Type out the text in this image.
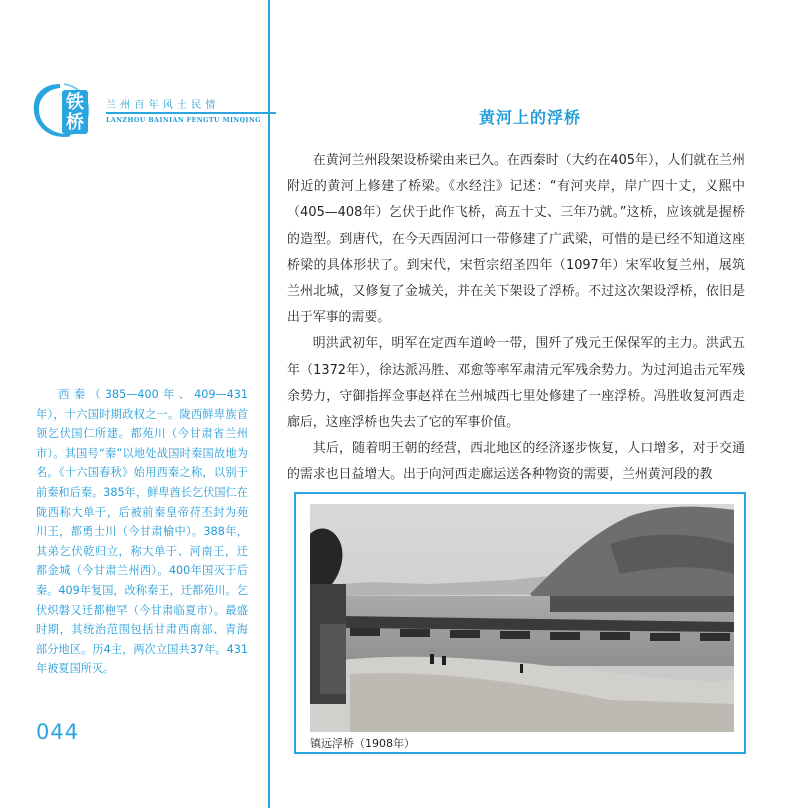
铁
桥
兰州百年风土民情
LANZHOU BAINIAN FENGTU MINQING
西秦（385—400年、409—431年），十六国时期政权之一。陇西鲜卑族首领乞伏国仁所建。都苑川（今甘肃省兰州市）。其国号“秦”以地处战国时秦国故地为名。《十六国春秋》始用西秦之称，以别于前秦和后秦。385年，鲜卑酋长乞伏国仁在陇西称大单于，后被前秦皇帝苻丕封为苑川王，都勇士川（今甘肃榆中）。388年，其弟乞伏乾归立，称大单于、河南王，迁都金城（今甘肃兰州西）。400年国灭于后秦。409年复国，改称秦王，迁都苑川。乞伏炽磐又迁都枹罕（今甘肃临夏市）。最盛时期，其统治范围包括甘肃西南部、青海部分地区。历4主，两次立国共37年。431年被夏国所灭。
044
黄河上的浮桥

在黄河兰州段架设桥梁由来已久。在西秦时（大约在405年），人们就在兰州附近的黄河上修建了桥梁。《水经注》记述：“有河夹岸，岸广四十丈，义熙中（405—408年）乞伏于此作飞桥，高五十丈、三年乃就。”这桥，应该就是握桥的造型。到唐代，在今天西固河口一带修建了广武梁，可惜的是已经不知道这座桥梁的具体形状了。到宋代，宋哲宗绍圣四年（1097年）宋军收复兰州，展筑兰州北城，又修复了金城关，并在关下架设了浮桥。不过这次架设浮桥，依旧是出于军事的需要。

明洪武初年，明军在定西车道岭一带，围歼了残元王保保军的主力。洪武五年（1372年），徐达派冯胜、邓愈等率军肃清元军残余势力。为过河追击元军残余势力，守御指挥佥事赵祥在兰州城西七里处修建了一座浮桥。冯胜收复河西走廊后，这座浮桥也失去了它的军事价值。

其后，随着明王朝的经营，西北地区的经济逐步恢复，人口增多，对于交通的需求也日益增大。出于向河西走廊运送各种物资的需要，兰州黄河段的教

镇远浮桥（1908年）
